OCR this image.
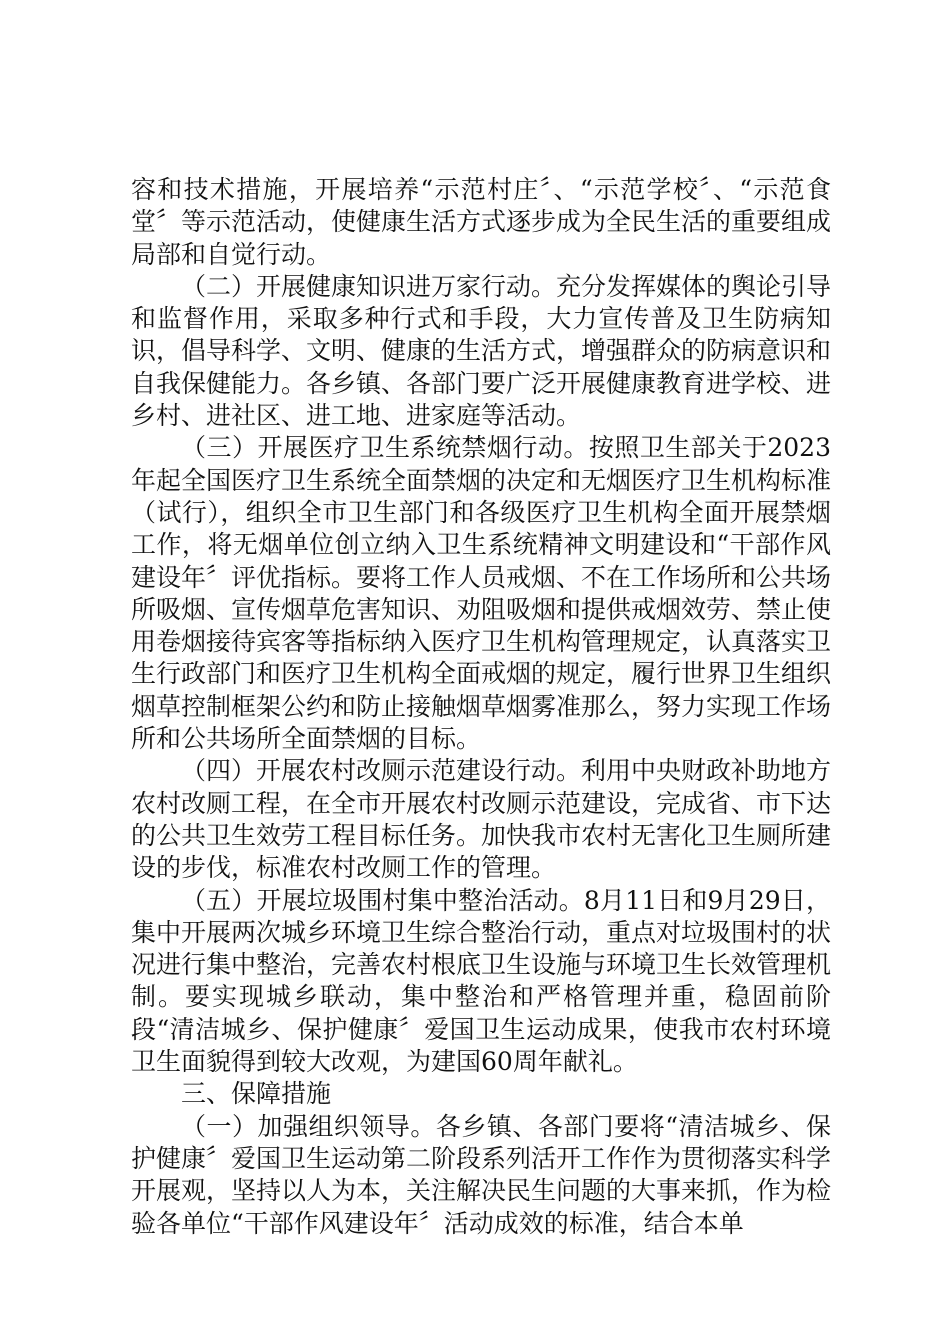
容和技术措施，开展培养“示范村庄〞、“示范学校〞、“示范食堂〞等示范活动，使健康生活方式逐步成为全民生活的重要组成局部和自觉行动。

（二）开展健康知识进万家行动。充分发挥媒体的舆论引导和监督作用，采取多种行式和手段，大力宣传普及卫生防病知识，倡导科学、文明、健康的生活方式，增强群众的防病意识和自我保健能力。各乡镇、各部门要广泛开展健康教育进学校、进乡村、进社区、进工地、进家庭等活动。

（三）开展医疗卫生系统禁烟行动。按照卫生部关于2023年起全国医疗卫生系统全面禁烟的决定和无烟医疗卫生机构标准（试行），组织全市卫生部门和各级医疗卫生机构全面开展禁烟工作，将无烟单位创立纳入卫生系统精神文明建设和“干部作风建设年〞评优指标。要将工作人员戒烟、不在工作场所和公共场所吸烟、宣传烟草危害知识、劝阻吸烟和提供戒烟效劳、禁止使用卷烟接待宾客等指标纳入医疗卫生机构管理规定，认真落实卫生行政部门和医疗卫生机构全面戒烟的规定，履行世界卫生组织烟草控制框架公约和防止接触烟草烟雾准那么，努力实现工作场所和公共场所全面禁烟的目标。

（四）开展农村改厕示范建设行动。利用中央财政补助地方农村改厕工程，在全市开展农村改厕示范建设，完成省、市下达的公共卫生效劳工程目标任务。加快我市农村无害化卫生厕所建设的步伐，标准农村改厕工作的管理。

（五）开展垃圾围村集中整治活动。8月11日和9月29日，集中开展两次城乡环境卫生综合整治行动，重点对垃圾围村的状况进行集中整治，完善农村根底卫生设施与环境卫生长效管理机制。要实现城乡联动，集中整治和严格管理并重，稳固前阶段“清洁城乡、保护健康〞爱国卫生运动成果，使我市农村环境卫生面貌得到较大改观，为建国60周年献礼。

三、保障措施

（一）加强组织领导。各乡镇、各部门要将“清洁城乡、保护健康〞爱国卫生运动第二阶段系列活开工作作为贯彻落实科学开展观，坚持以人为本，关注解决民生问题的大事来抓，作为检验各单位“干部作风建设年〞活动成效的标准，结合本单
